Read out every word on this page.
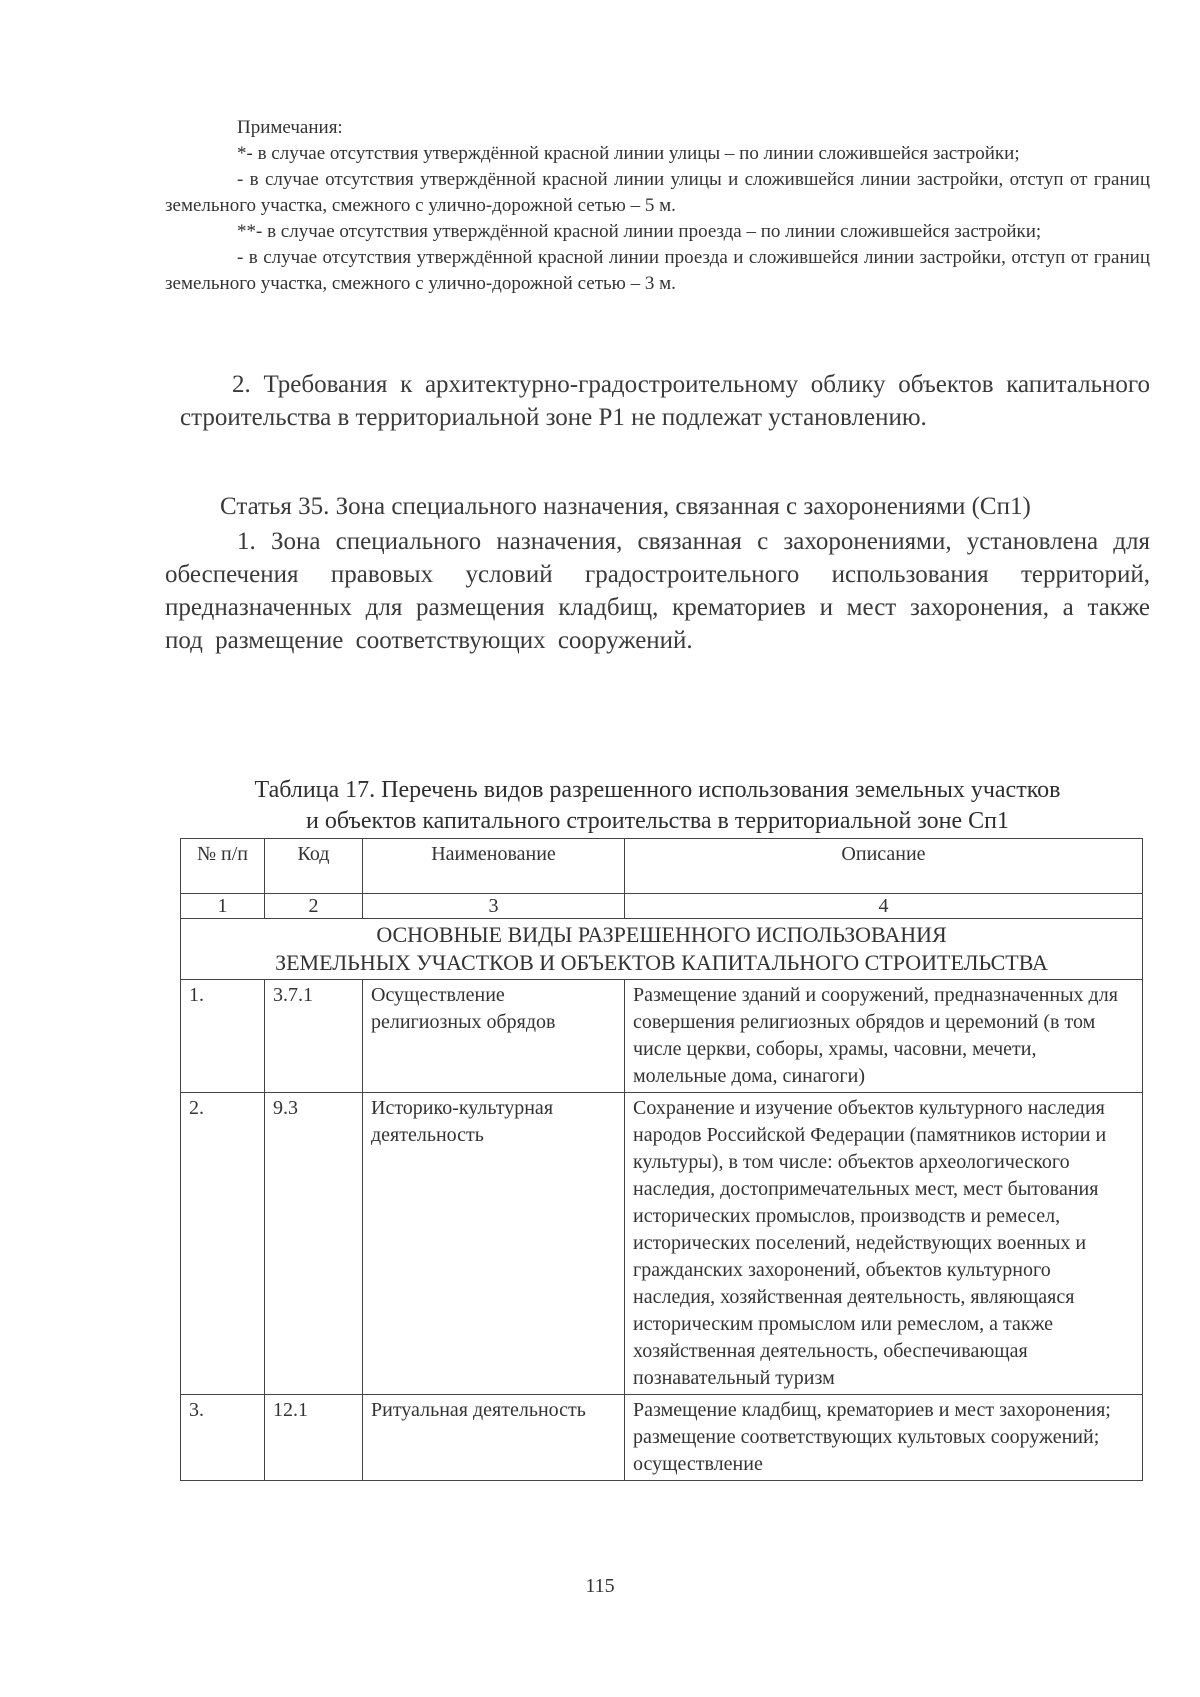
Примечания:

*- в случае отсутствия утверждённой красной линии улицы – по линии сложившейся застройки;

- в случае отсутствия утверждённой красной линии улицы и сложившейся линии застройки, отступ от границ земельного участка, смежного с улично-дорожной сетью – 5 м.

**- в случае отсутствия утверждённой красной линии проезда – по линии сложившейся застройки;

- в случае отсутствия утверждённой красной линии проезда и сложившейся линии застройки, отступ от границ земельного участка, смежного с улично-дорожной сетью – 3 м.

2. Требования к архитектурно-градостроительному облику объектов капитального строительства в территориальной зоне Р1 не подлежат установлению.

Статья 35. Зона специального назначения, связанная с захоронениями (Сп1)

1. Зона специального назначения, связанная с захоронениями, установлена для обеспечения правовых условий градостроительного использования территорий, предназначенных для размещения кладбищ, крематориев и мест захоронения, а также под размещение соответствующих сооружений.

Таблица 17. Перечень видов разрешенного использования земельных участков
и объектов капитального строительства в территориальной зоне Сп1
№ п/п	Код	Наименование	Описание
1	2	3	4

ОСНОВНЫЕ ВИДЫ РАЗРЕШЕННОГО ИСПОЛЬЗОВАНИЯ
ЗЕМЕЛЬНЫХ УЧАСТКОВ И ОБЪЕКТОВ КАПИТАЛЬНОГО СТРОИТЕЛЬСТВА			

1.	3.7.1	Осуществление религиозных обрядов	Размещение зданий и сооружений, предназначенных для совершения религиозных обрядов и церемоний (в том числе церкви, соборы, храмы, часовни, мечети, молельные дома, синагоги)
2.	9.3	Историко-культурная деятельность	Сохранение и изучение объектов культурного наследия народов Российской Федерации (памятников истории и культуры), в том числе: объектов археологического наследия, достопримечательных мест, мест бытования исторических промыслов, производств и ремесел, исторических поселений, недействующих военных и гражданских захоронений, объектов культурного наследия, хозяйственная деятельность, являющаяся историческим промыслом или ремеслом, а также хозяйственная деятельность, обеспечивающая познавательный туризм
3.	12.1	Ритуальная деятельность	Размещение кладбищ, крематориев и мест захоронения; размещение соответствующих культовых сооружений; осуществление
115
